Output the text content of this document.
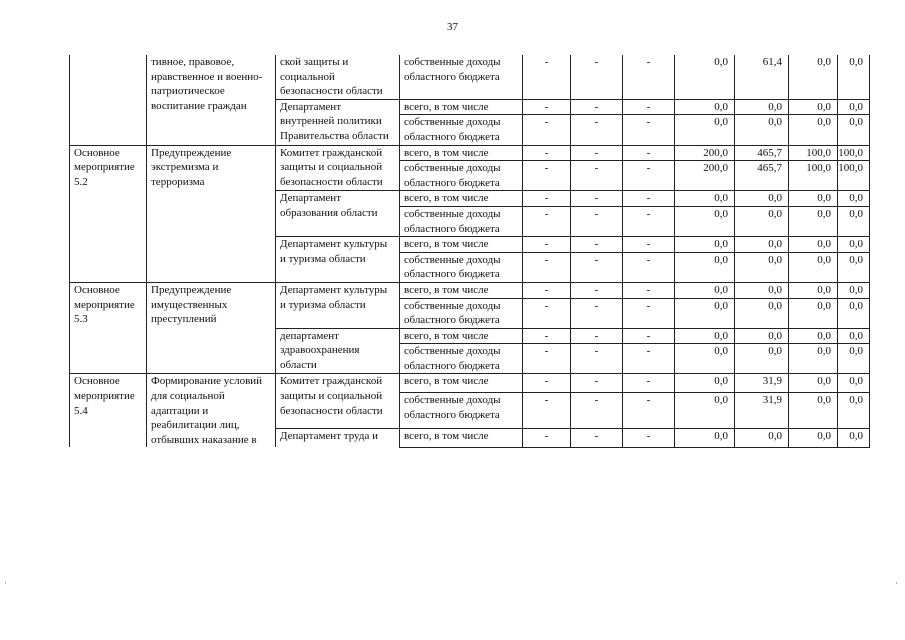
37
	тивное, правовое, нравственное и военно-патриотическое воспитание граждан	ской защиты и социальной безопасности области	собственные доходы областного бюджета	-	-	-	0,0	61,4	0,0	0,0
		Департамент внутренней политики Правительства области	всего, в том числе	-	-	-	0,0	0,0	0,0	0,0
			собственные доходы областного бюджета	-	-	-	0,0	0,0	0,0	0,0
Основное мероприятие 5.2	Предупреждение экстремизма и терроризма	Комитет гражданской защиты и социальной безопасности области	всего, в том числе	-	-	-	200,0	465,7	100,0	100,0
			собственные доходы областного бюджета	-	-	-	200,0	465,7	100,0	100,0
		Департамент образования области	всего, в том числе	-	-	-	0,0	0,0	0,0	0,0
			собственные доходы областного бюджета	-	-	-	0,0	0,0	0,0	0,0
		Департамент культуры и туризма области	всего, в том числе	-	-	-	0,0	0,0	0,0	0,0
			собственные доходы областного бюджета	-	-	-	0,0	0,0	0,0	0,0
Основное мероприятие 5.3	Предупреждение имущественных преступлений	Департамент культуры и туризма области	всего, в том числе	-	-	-	0,0	0,0	0,0	0,0
			собственные доходы областного бюджета	-	-	-	0,0	0,0	0,0	0,0
		департамент здравоохранения области	всего, в том числе	-	-	-	0,0	0,0	0,0	0,0
			собственные доходы областного бюджета	-	-	-	0,0	0,0	0,0	0,0
Основное мероприятие 5.4	Формирование условий для социальной адаптации и реабилитации лиц, отбывших наказание в	Комитет гражданской защиты и социальной безопасности области	всего, в том числе	-	-	-	0,0	31,9	0,0	0,0
			собственные доходы областного бюджета	-	-	-	0,0	31,9	0,0	0,0
		Департамент труда и	всего, в том числе	-	-	-	0,0	0,0	0,0	0,0
·	·
